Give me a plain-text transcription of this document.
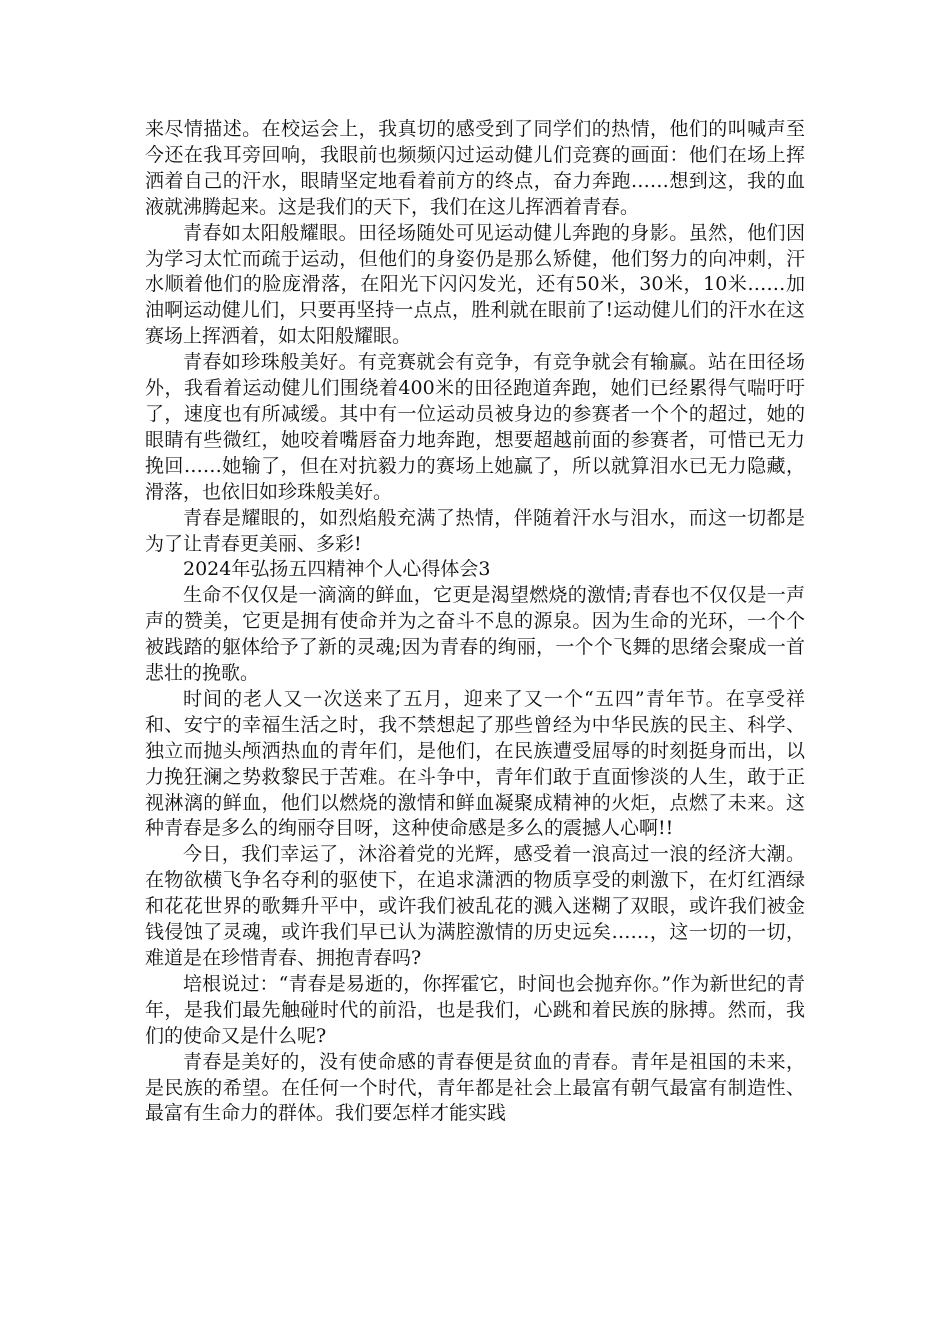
来尽情描述。在校运会上，我真切的感受到了同学们的热情，他们的叫喊声至今还在我耳旁回响，我眼前也频频闪过运动健儿们竞赛的画面：他们在场上挥洒着自己的汗水，眼睛坚定地看着前方的终点，奋力奔跑……想到这，我的血液就沸腾起来。这是我们的天下，我们在这儿挥洒着青春。

青春如太阳般耀眼。田径场随处可见运动健儿奔跑的身影。虽然，他们因为学习太忙而疏于运动，但他们的身姿仍是那么矫健，他们努力的向冲刺，汗水顺着他们的脸庞滑落，在阳光下闪闪发光，还有50米，30米，10米……加油啊运动健儿们，只要再坚持一点点，胜利就在眼前了!运动健儿们的汗水在这赛场上挥洒着，如太阳般耀眼。

青春如珍珠般美好。有竞赛就会有竞争，有竞争就会有输赢。站在田径场外，我看着运动健儿们围绕着400米的田径跑道奔跑，她们已经累得气喘吁吁了，速度也有所减缓。其中有一位运动员被身边的参赛者一个个的超过，她的眼睛有些微红，她咬着嘴唇奋力地奔跑，想要超越前面的参赛者，可惜已无力挽回……她输了，但在对抗毅力的赛场上她赢了，所以就算泪水已无力隐藏，滑落，也依旧如珍珠般美好。

青春是耀眼的，如烈焰般充满了热情，伴随着汗水与泪水，而这一切都是为了让青春更美丽、多彩!

2024年弘扬五四精神个人心得体会3

生命不仅仅是一滴滴的鲜血，它更是渴望燃烧的激情;青春也不仅仅是一声声的赞美，它更是拥有使命并为之奋斗不息的源泉。因为生命的光环，一个个被践踏的躯体给予了新的灵魂;因为青春的绚丽，一个个飞舞的思绪会聚成一首悲壮的挽歌。

时间的老人又一次送来了五月，迎来了又一个“五四”青年节。在享受祥和、安宁的幸福生活之时，我不禁想起了那些曾经为中华民族的民主、科学、独立而抛头颅洒热血的青年们，是他们，在民族遭受屈辱的时刻挺身而出，以力挽狂澜之势救黎民于苦难。在斗争中，青年们敢于直面惨淡的人生，敢于正视淋漓的鲜血，他们以燃烧的激情和鲜血凝聚成精神的火炬，点燃了未来。这种青春是多么的绚丽夺目呀，这种使命感是多么的震撼人心啊!!

今日，我们幸运了，沐浴着党的光辉，感受着一浪高过一浪的经济大潮。在物欲横飞争名夺利的驱使下，在追求潇洒的物质享受的刺激下，在灯红酒绿和花花世界的歌舞升平中，或许我们被乱花的溅入迷糊了双眼，或许我们被金钱侵蚀了灵魂，或许我们早已认为满腔激情的历史远矣……，这一切的一切，难道是在珍惜青春、拥抱青春吗?

培根说过：“青春是易逝的，你挥霍它，时间也会抛弃你。”作为新世纪的青年，是我们最先触碰时代的前沿，也是我们，心跳和着民族的脉搏。然而，我们的使命又是什么呢?

青春是美好的，没有使命感的青春便是贫血的青春。青年是祖国的未来，是民族的希望。在任何一个时代，青年都是社会上最富有朝气最富有制造性、最富有生命力的群体。我们要怎样才能实践
